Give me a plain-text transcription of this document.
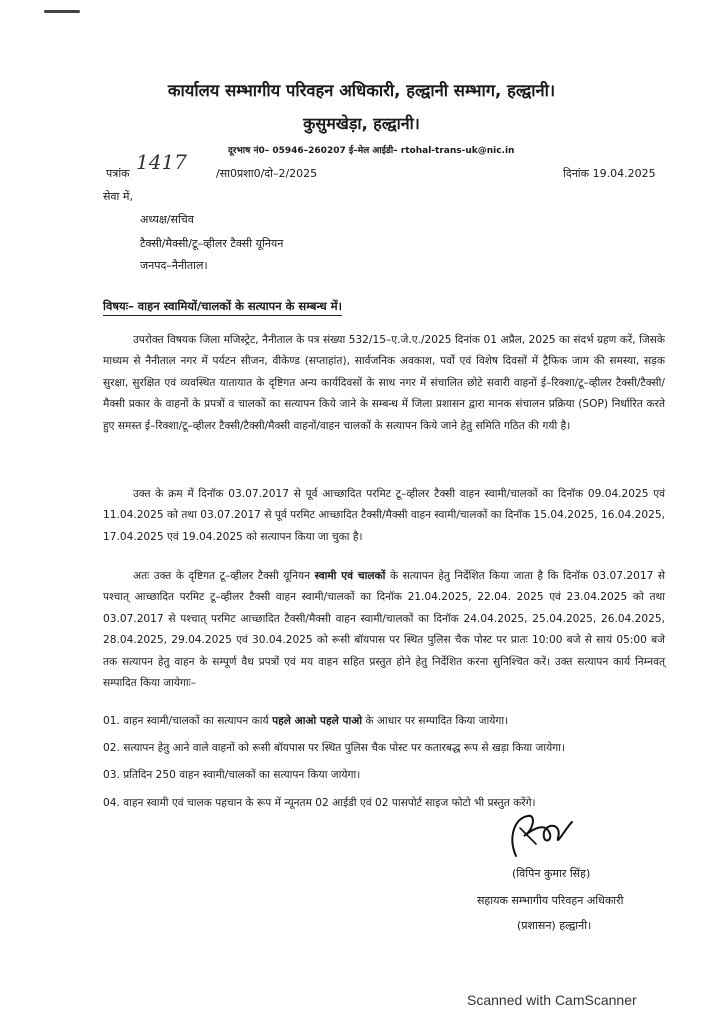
कार्यालय सम्भागीय परिवहन अधिकारी, हल्द्वानी सम्भाग, हल्द्वानी।
कुसुमखेड़ा, हल्द्वानी।
दूरभाष नं0– 05946–260207 ई–मेल आईडी– rtohal-trans-uk@nic.in
पत्रांक 1417	/सा0प्रशा0/दो–2/2025	दिनांक 19.04.2025
सेवा में,
अध्यक्ष/सचिव
टैक्सी/मैक्सी/टू–व्हीलर टैक्सी यूनियन
जनपद–नैनीताल।
विषयः– वाहन स्वामियों/चालकों के सत्यापन के सम्बन्ध में।
उपरोक्त विषयक जिला मजिस्ट्रेट, नैनीताल के पत्र संख्या 532/15–ए.जे.ए./2025 दिनांक 01 अप्रैल, 2025 का संदर्भ ग्रहण करें, जिसके माध्यम से नैनीताल नगर में पर्यटन सीजन, वीकेण्ड (सप्ताहांत), सार्वजनिक अवकाश, पर्वो एवं विशेष दिवसों में ट्रैफिक जाम की समस्या, सड़क सुरक्षा, सुरक्षित एवं व्यवस्थित यातायात के दृष्टिगत अन्य कार्यदिवसों के साथ नगर में संचालित छोटे सवारी वाहनों ई–रिक्शा/टू–व्हीलर टैक्सी/टैक्सी/मैक्सी प्रकार के वाहनों के प्रपत्रों व चालकों का सत्यापन किये जाने के सम्बन्ध में जिला प्रशासन द्वारा मानक संचालन प्रक्रिया (SOP) निर्धारित करते हुए समस्त ई–रिक्शा/टू–व्हीलर टैक्सी/टैक्सी/मैक्सी वाहनों/वाहन चालकों के सत्यापन किये जाने हेतु समिति गठित की गयी है।
उक्त के क्रम में दिनॉक 03.07.2017 से पूर्व आच्छादित परमिट टू–व्हीलर टैक्सी वाहन स्वामी/चालकों का दिनॉक 09.04.2025 एवं 11.04.2025 को तथा 03.07.2017 से पूर्व परमिट आच्छादित टैक्सी/मैक्सी वाहन स्वामी/चालकों का दिनॉक 15.04.2025, 16.04.2025, 17.04.2025 एवं 19.04.2025 को सत्यापन किया जा चुका है।
अतः उक्त के दृष्टिगत टू–व्हीलर टैक्सी यूनियन स्वामी एवं चालकों के सत्यापन हेतु निर्देशित किया जाता है कि दिनॉक 03.07.2017 से पश्चात् आच्छादित परमिट टू–व्हीलर टैक्सी वाहन स्वामी/चालकों का दिनॉक 21.04.2025, 22.04. 2025 एवं 23.04.2025 को तथा 03.07.2017 से पश्चात् परमिट आच्छादित टैक्सी/मैक्सी वाहन स्वामी/चालकों का दिनॉक 24.04.2025, 25.04.2025, 26.04.2025, 28.04.2025, 29.04.2025 एवं 30.04.2025 को रूसी बॉयपास पर स्थित पुलिस चैक पोस्ट पर प्रातः 10:00 बजे से सायं 05:00 बजे तक सत्यापन हेतु वाहन के सम्पूर्ण वैध प्रपत्रों एवं मय वाहन सहित प्रस्तुत होने हेतु निर्देशित करना सुनिश्चित करें। उक्त सत्यापन कार्य निम्नवत् सम्पादित किया जायेगाः–
01. वाहन स्वामी/चालकों का सत्यापन कार्य पहले आओ पहले पाओ के आधार पर सम्पादित किया जायेगा।
02. सत्यापन हेतु आने वाले वाहनों को रूसी बॉयपास पर स्थित पुलिस चैक पोस्ट पर कतारबद्ध रूप से खड़ा किया जायेगा।
03. प्रतिदिन 250 वाहन स्वामी/चालकों का सत्यापन किया जायेगा।
04. वाहन स्वामी एवं चालक पहचान के रूप में न्यूनतम 02 आईडी एवं 02 पासपोर्ट साइज फोटो भी प्रस्तुत करेंगे।
(विपिन कुमार सिंह)
सहायक सम्भागीय परिवहन अधिकारी
(प्रशासन) हल्द्वानी।
Scanned with CamScanner
